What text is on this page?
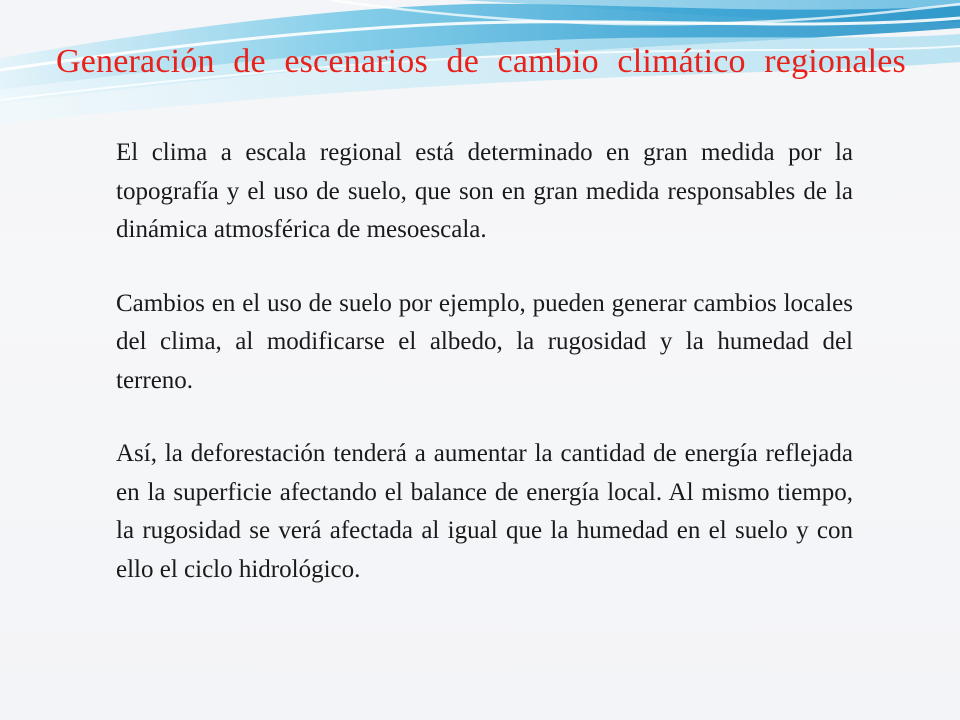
Generación de escenarios de cambio climático regionales

El clima a escala regional está determinado en gran medida por la topografía y el uso de suelo, que son en gran medida responsables de la dinámica atmosférica de mesoescala.

Cambios en el uso de suelo por ejemplo, pueden generar cambios locales del clima, al modificarse el albedo, la rugosidad y la humedad del terreno.

Así, la deforestación tenderá a aumentar la cantidad de energía reflejada en la superficie afectando el balance de energía local. Al mismo tiempo, la rugosidad se verá afectada al igual que la humedad en el suelo y con ello el ciclo hidrológico.
